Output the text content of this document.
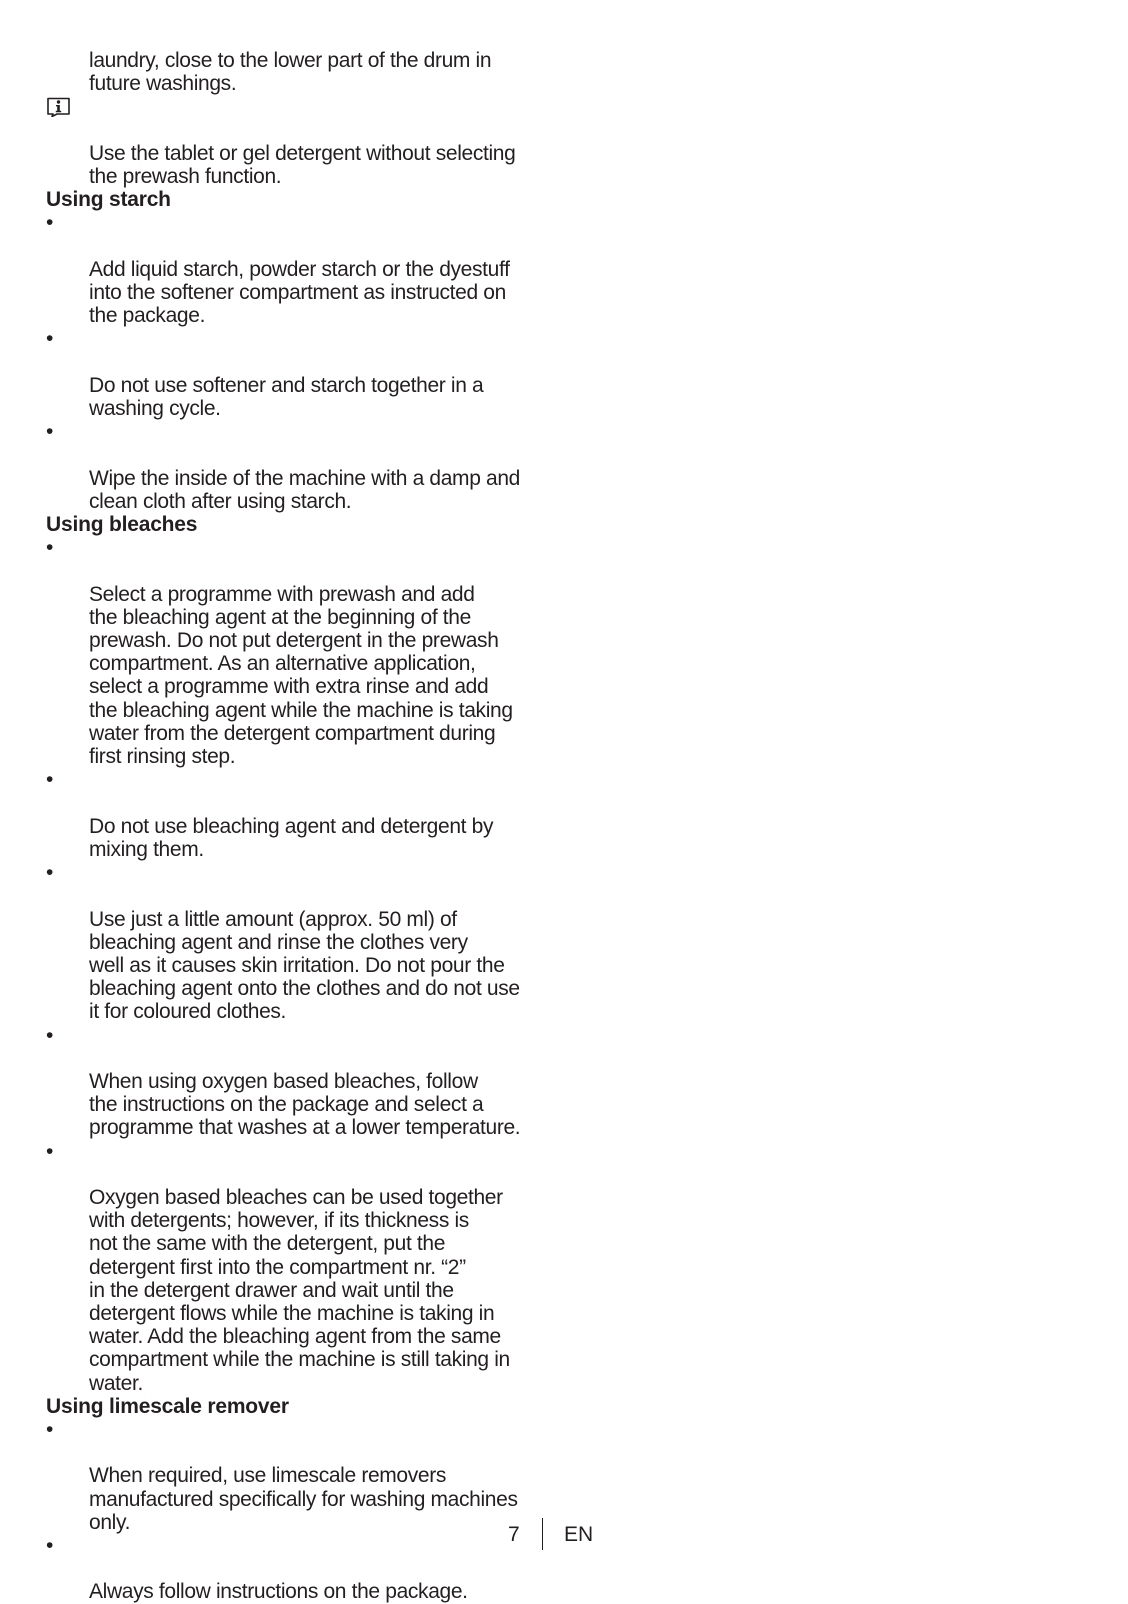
laundry, close to the lower part of the drum in
future washings.

Use the tablet or gel detergent without selecting
the prewash function.

Using starch

•

Add liquid starch, powder starch or the dyestuff
into the softener compartment as instructed on
the package.

•

Do not use softener and starch together in a
washing cycle.

•

Wipe the inside of the machine with a damp and
clean cloth after using starch.

Using bleaches

•

Select a programme with prewash and add
the bleaching agent at the beginning of the
prewash. Do not put detergent in the prewash
compartment. As an alternative application,
select a programme with extra rinse and add
the bleaching agent while the machine is taking
water from the detergent compartment during
first rinsing step.

•

Do not use bleaching agent and detergent by
mixing them.

•

Use just a little amount (approx. 50 ml) of
bleaching agent and rinse the clothes very
well as it causes skin irritation. Do not pour the
bleaching agent onto the clothes and do not use
it for coloured clothes.

•

When using oxygen based bleaches, follow
the instructions on the package and select a
programme that washes at a lower temperature.

•

Oxygen based bleaches can be used together
with detergents; however, if its thickness is
not the same with the detergent, put the
detergent first into the compartment nr. “2”
in the detergent drawer and wait until the
detergent flows while the machine is taking in
water. Add the bleaching agent from the same
compartment while the machine is still taking in
water.

Using limescale remover

•

When required, use limescale removers
manufactured specifically for washing machines
only.

•

Always follow instructions on the package.

7 EN
